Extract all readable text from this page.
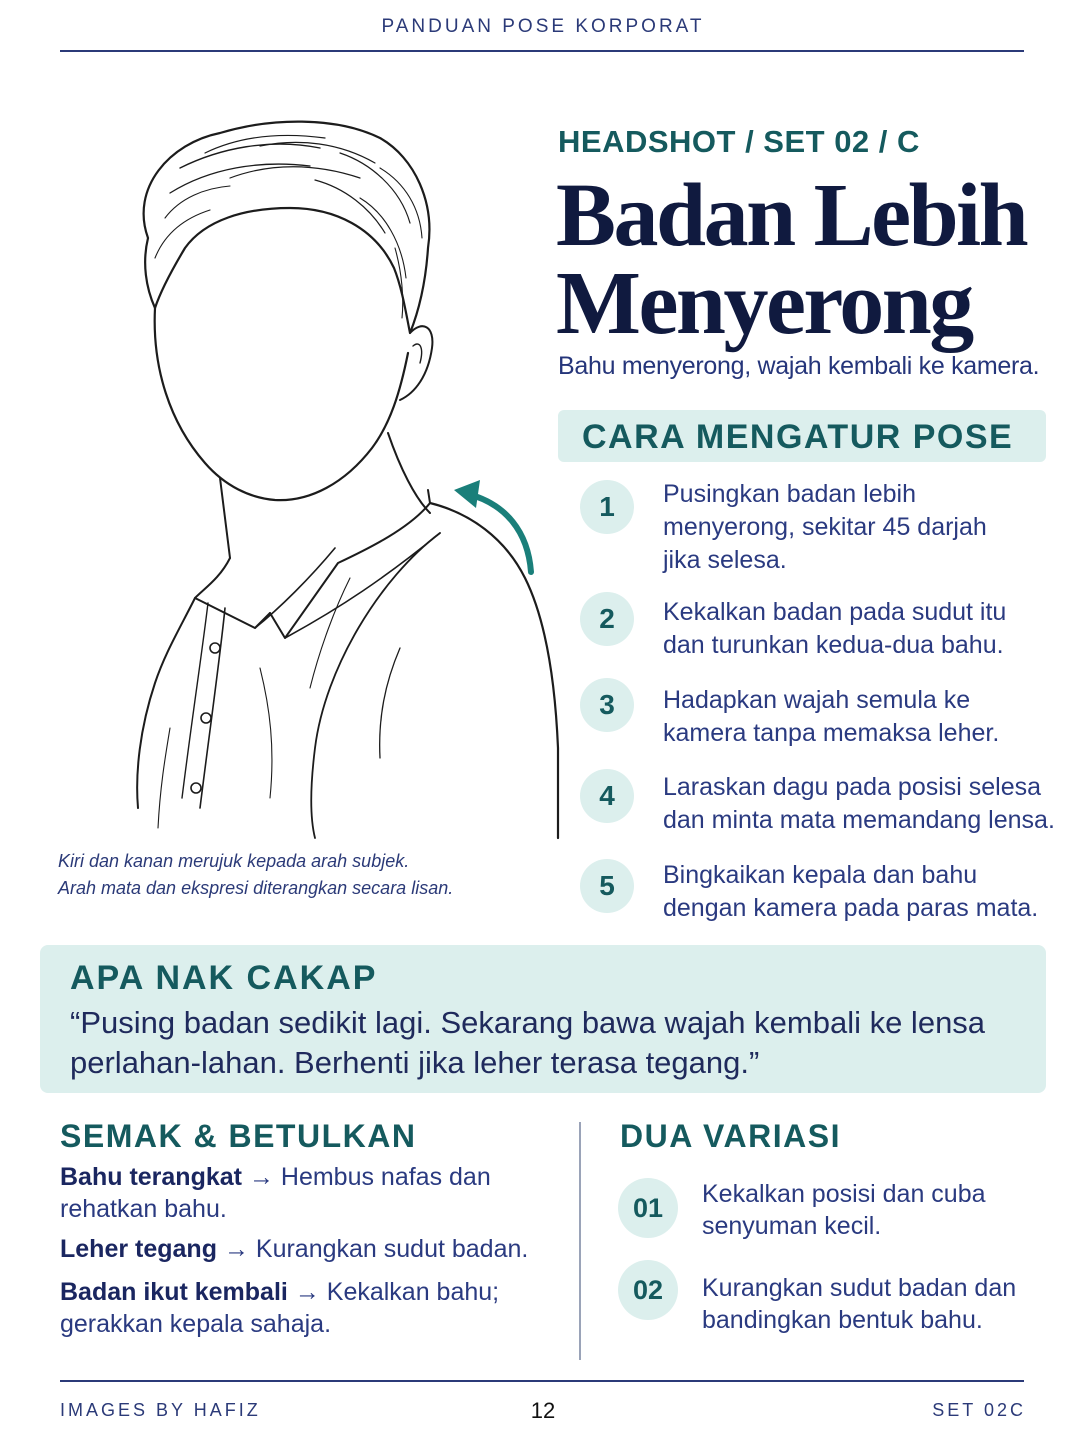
PANDUAN POSE KORPORAT
Kiri dan kanan merujuk kepada arah subjek.
Arah mata dan ekspresi diterangkan secara lisan.
HEADSHOT / SET 02 / C
Badan Lebih
Menyerong
Bahu menyerong, wajah kembali ke kamera.
CARA MENGATUR POSE
1	Pusingkan badan lebih menyerong, sekitar 45 darjah jika selesa.
2	Kekalkan badan pada sudut itu dan turunkan kedua-dua bahu.
3	Hadapkan wajah semula ke kamera tanpa memaksa leher.
4	Laraskan dagu pada posisi selesa dan minta mata memandang lensa.
5	Bingkaikan kepala dan bahu dengan kamera pada paras mata.
APA NAK CAKAP
“Pusing badan sedikit lagi. Sekarang bawa wajah kembali ke lensa perlahan-lahan. Berhenti jika leher terasa tegang.”
SEMAK & BETULKAN
Bahu terangkat → Hembus nafas dan rehatkan bahu.
Leher tegang → Kurangkan sudut badan.
Badan ikut kembali → Kekalkan bahu; gerakkan kepala sahaja.
DUA VARIASI
01	Kekalkan posisi dan cuba senyuman kecil.
02	Kurangkan sudut badan dan bandingkan bentuk bahu.
IMAGES BY HAFIZ	12	SET 02C
